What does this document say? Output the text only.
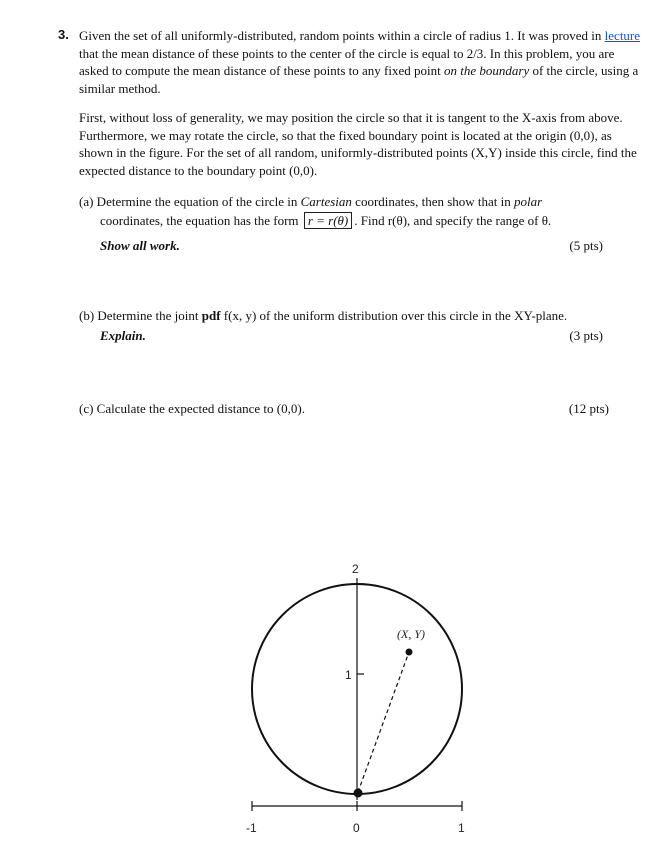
3. Given the set of all uniformly-distributed, random points within a circle of radius 1. It was proved in lecture that the mean distance of these points to the center of the circle is equal to 2/3. In this problem, you are asked to compute the mean distance of these points to any fixed point on the boundary of the circle, using a similar method.
First, without loss of generality, we may position the circle so that it is tangent to the X-axis from above. Furthermore, we may rotate the circle, so that the fixed boundary point is located at the origin (0,0), as shown in the figure. For the set of all random, uniformly-distributed points (X,Y) inside this circle, find the expected distance to the boundary point (0,0).
(a) Determine the equation of the circle in Cartesian coordinates, then show that in polar
coordinates, the equation has the form r = r(θ) . Find r(θ), and specify the range of θ.
Show all work.	(5 pts)
(b) Determine the joint pdf f(x, y) of the uniform distribution over this circle in the XY-plane.
Explain.	(3 pts)
(c) Calculate the expected distance to (0,0).	(12 pts)
2
1
(X, Y)
-1	0	1
